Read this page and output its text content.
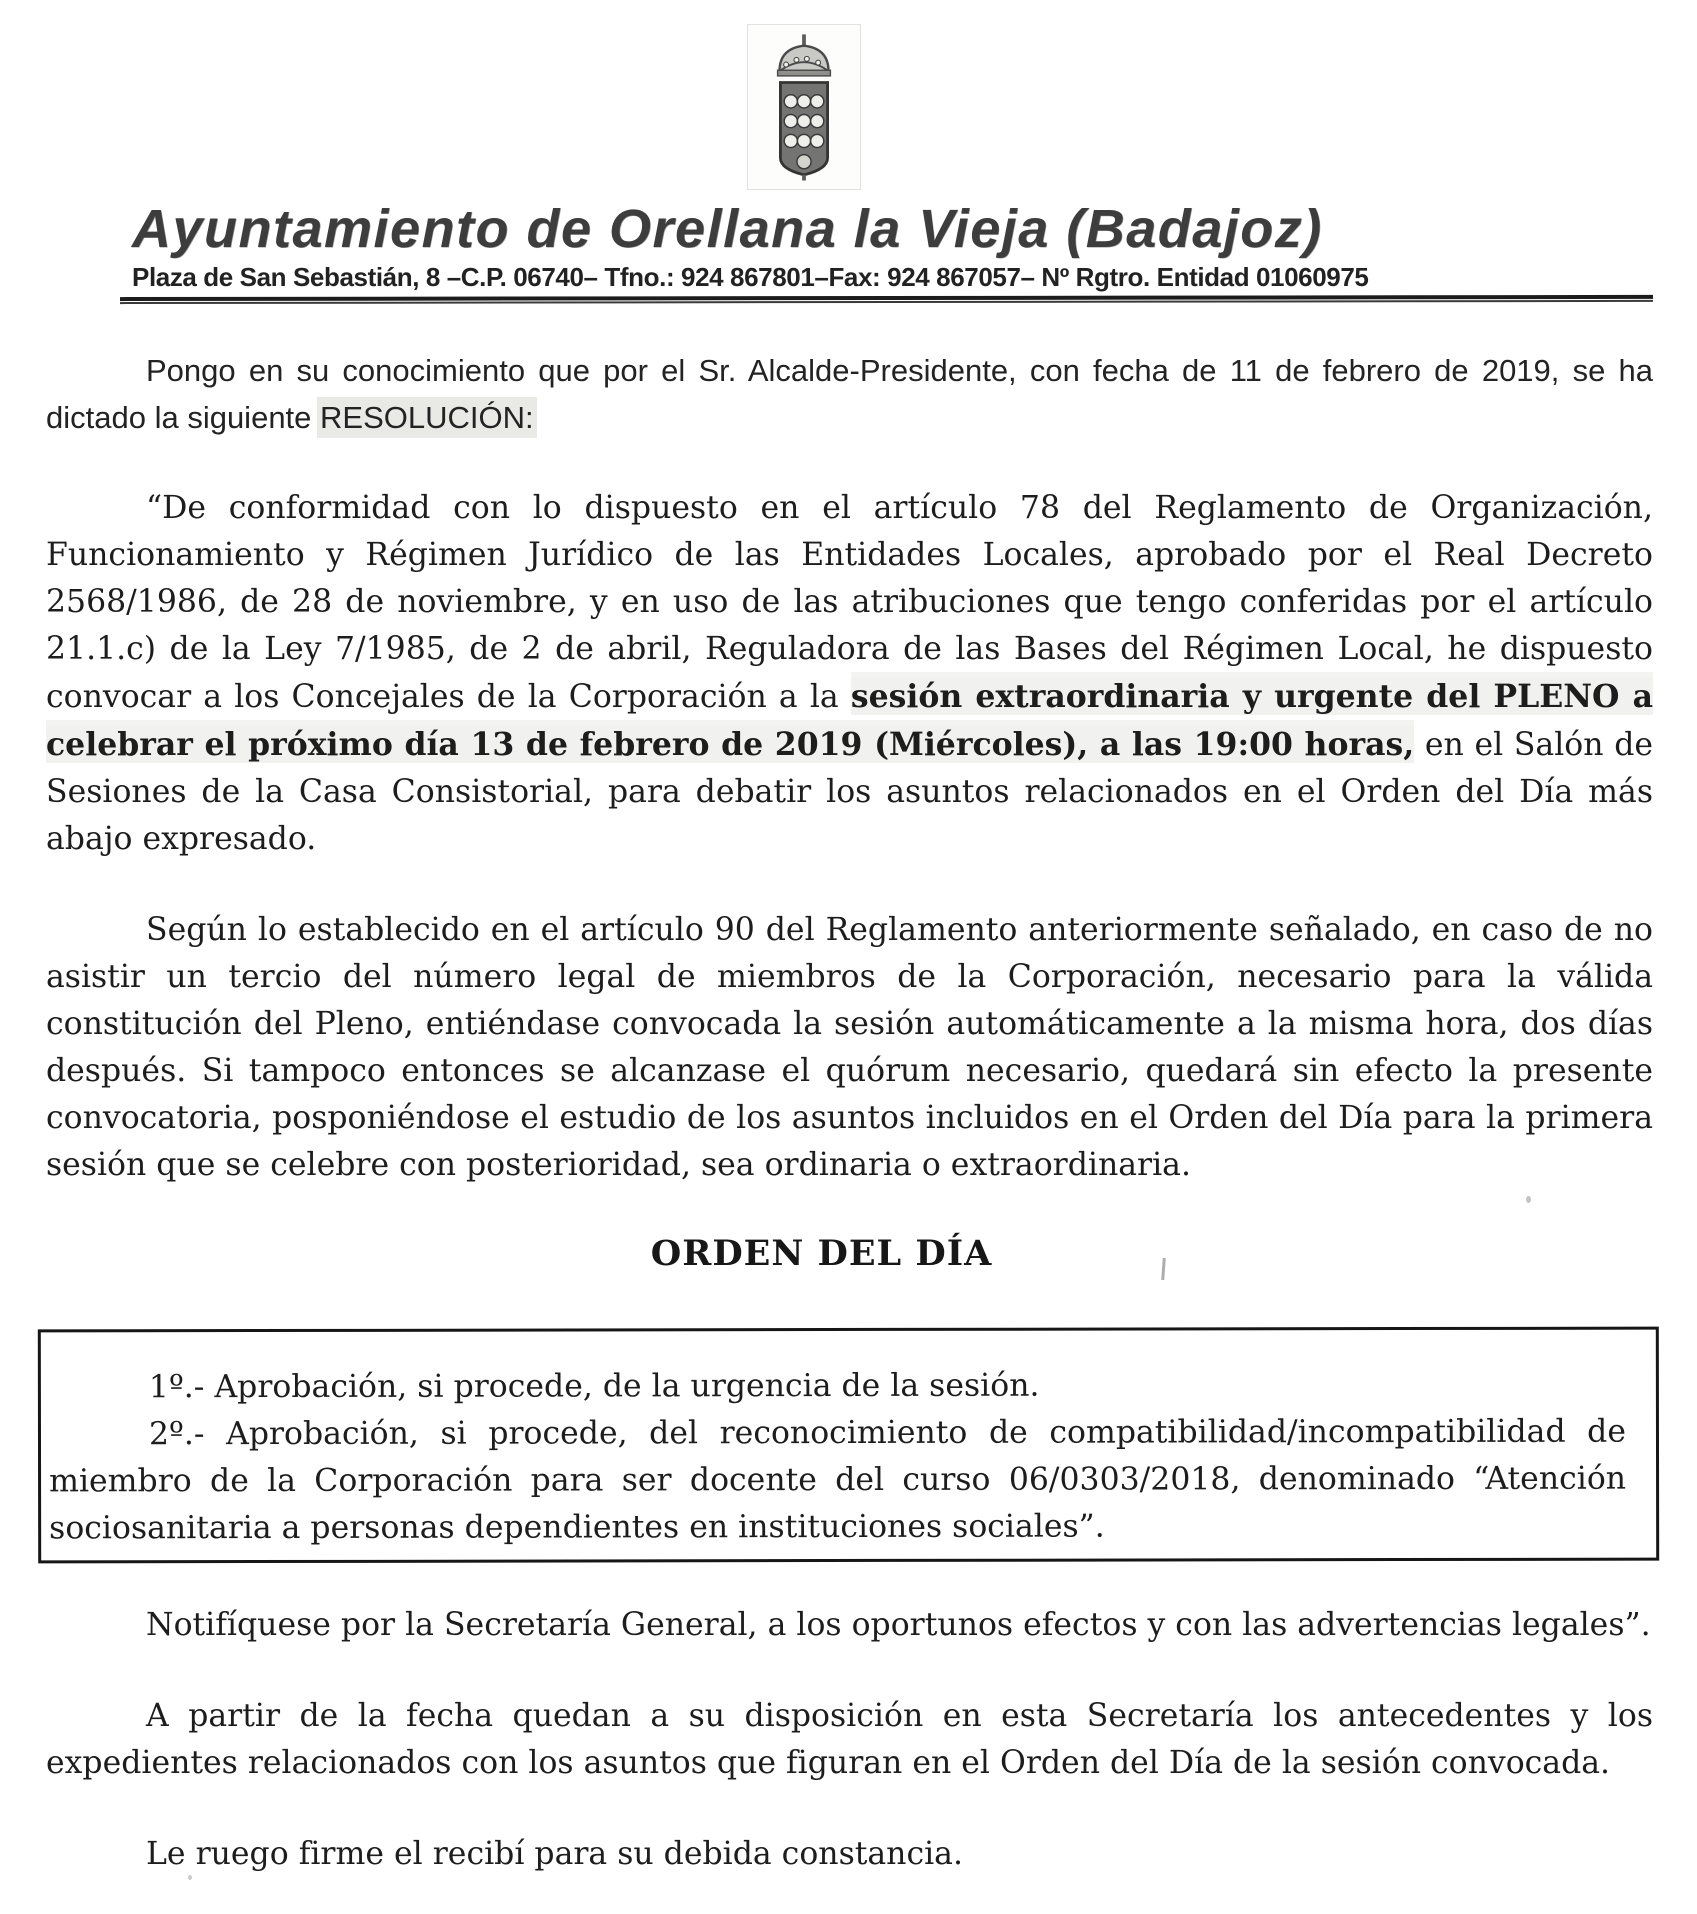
Ayuntamiento de Orellana la Vieja (Badajoz)
Plaza de San Sebastián, 8 –C.P. 06740– Tfno.: 924 867801–Fax: 924 867057– Nº Rgtro. Entidad 01060975

Pongo en su conocimiento que por el Sr. Alcalde-Presidente, con fecha de 11 de febrero de 2019, se ha dictado la siguiente RESOLUCIÓN:

“De conformidad con lo dispuesto en el artículo 78 del Reglamento de Organización, Funcionamiento y Régimen Jurídico de las Entidades Locales, aprobado por el Real Decreto 2568/1986, de 28 de noviembre, y en uso de las atribuciones que tengo conferidas por el artículo 21.1.c) de la Ley 7/1985, de 2 de abril, Reguladora de las Bases del Régimen Local, he dispuesto convocar a los Concejales de la Corporación a la sesión extraordinaria y urgente del PLENO a celebrar el próximo día 13 de febrero de 2019 (Miércoles), a las 19:00 horas, en el Salón de Sesiones de la Casa Consistorial, para debatir los asuntos relacionados en el Orden del Día más abajo expresado.

Según lo establecido en el artículo 90 del Reglamento anteriormente señalado, en caso de no asistir un tercio del número legal de miembros de la Corporación, necesario para la válida constitución del Pleno, entiéndase convocada la sesión automáticamente a la misma hora, dos días después. Si tampoco entonces se alcanzase el quórum necesario, quedará sin efecto la presente convocatoria, posponiéndose el estudio de los asuntos incluidos en el Orden del Día para la primera sesión que se celebre con posterioridad, sea ordinaria o extraordinaria.

ORDEN DEL DÍA

1º.- Aprobación, si procede, de la urgencia de la sesión.

2º.- Aprobación, si procede, del reconocimiento de compatibilidad/incompatibilidad de miembro de la Corporación para ser docente del curso 06/0303/2018, denominado “Atención sociosanitaria a personas dependientes en instituciones sociales”.

Notifíquese por la Secretaría General, a los oportunos efectos y con las advertencias legales”.

A partir de la fecha quedan a su disposición en esta Secretaría los antecedentes y los expedientes relacionados con los asuntos que figuran en el Orden del Día de la sesión convocada.

Le ruego firme el recibí para su debida constancia.
